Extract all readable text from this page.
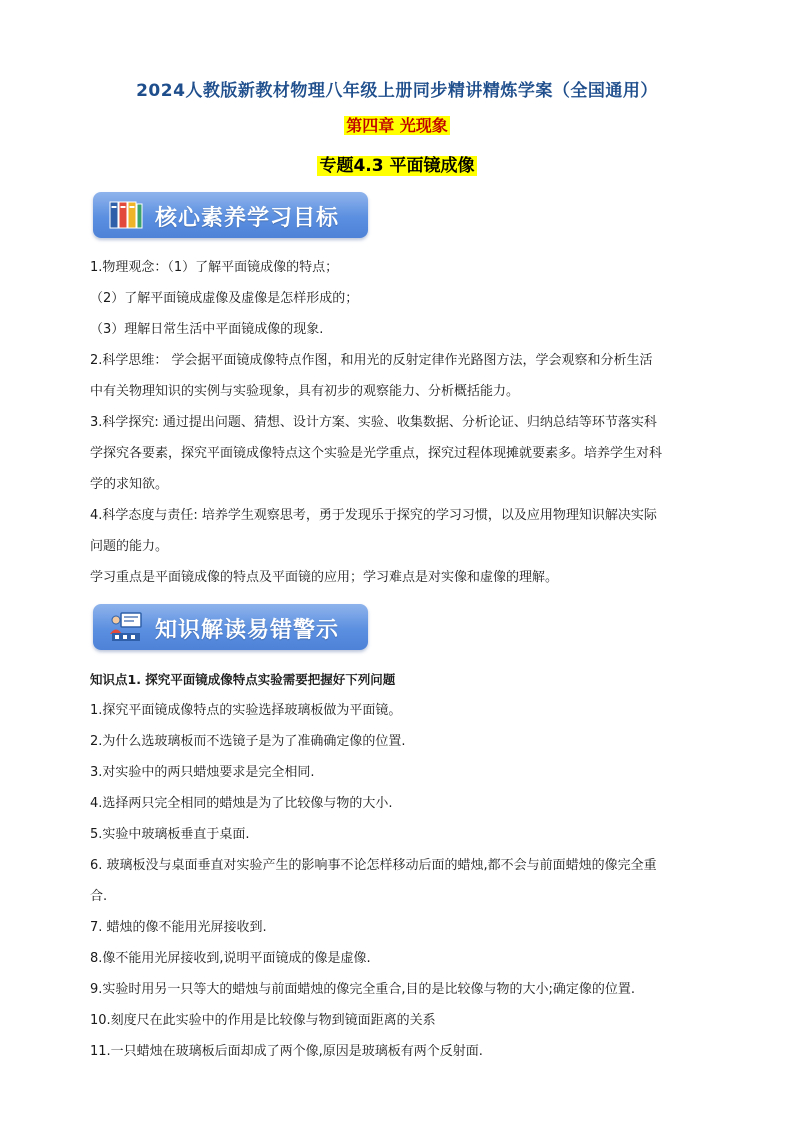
2024人教版新教材物理八年级上册同步精讲精炼学案（全国通用）
第四章 光现象
专题4.3 平面镜成像
核心素养学习目标
1.物理观念：（1）了解平面镜成像的特点；
（2）了解平面镜成虚像及虚像是怎样形成的；
（3）理解日常生活中平面镜成像的现象.
2.科学思维： 学会据平面镜成像特点作图，和用光的反射定律作光路图方法，学会观察和分析生活
中有关物理知识的实例与实验现象，具有初步的观察能力、分析概括能力。
3.科学探究: 通过提出问题、猜想、设计方案、实验、收集数据、分析论证、归纳总结等环节落实科
学探究各要素，探究平面镜成像特点这个实验是光学重点，探究过程体现摊就要素多。培养学生对科
学的求知欲。
4.科学态度与责任: 培养学生观察思考，勇于发现乐于探究的学习习惯，以及应用物理知识解决实际
问题的能力。
学习重点是平面镜成像的特点及平面镜的应用；学习难点是对实像和虚像的理解。
知识解读易错警示
知识点1. 探究平面镜成像特点实验需要把握好下列问题
1.探究平面镜成像特点的实验选择玻璃板做为平面镜。
2.为什么选玻璃板而不选镜子是为了准确确定像的位置.
3.对实验中的两只蜡烛要求是完全相同.
4.选择两只完全相同的蜡烛是为了比较像与物的大小.
5.实验中玻璃板垂直于桌面.
6. 玻璃板没与桌面垂直对实验产生的影响事不论怎样移动后面的蜡烛,都不会与前面蜡烛的像完全重
合.
7. 蜡烛的像不能用光屏接收到.
8.像不能用光屏接收到,说明平面镜成的像是虚像.
9.实验时用另一只等大的蜡烛与前面蜡烛的像完全重合,目的是比较像与物的大小;确定像的位置.
10.刻度尺在此实验中的作用是比较像与物到镜面距离的关系
11.一只蜡烛在玻璃板后面却成了两个像,原因是玻璃板有两个反射面.
